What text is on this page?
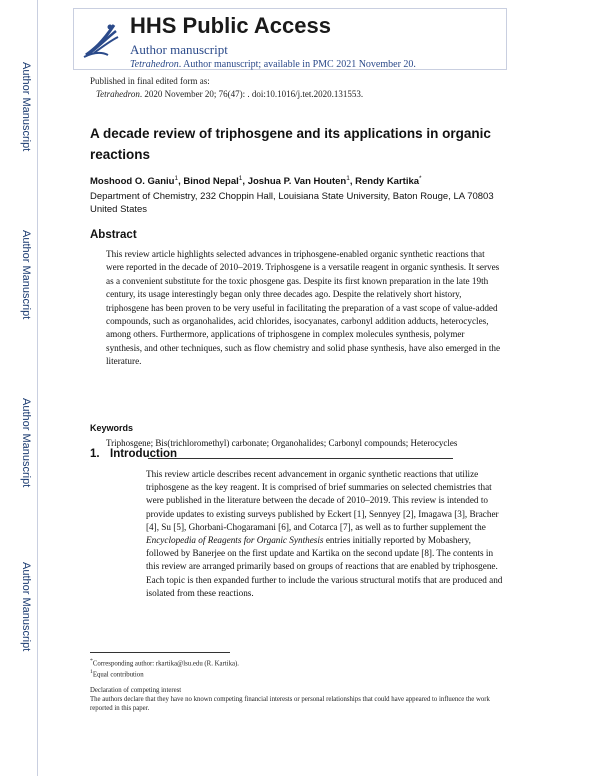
Author Manuscript
Author Manuscript
Author Manuscript
Author Manuscript
HHS Public Access
Author manuscript
Tetrahedron. Author manuscript; available in PMC 2021 November 20.
Published in final edited form as:
Tetrahedron. 2020 November 20; 76(47): . doi:10.1016/j.tet.2020.131553.
A decade review of triphosgene and its applications in organic reactions
Moshood O. Ganiu$^1$, Binod Nepal$^1$, Joshua P. Van Houten$^1$, Rendy Kartika*
Department of Chemistry, 232 Choppin Hall, Louisiana State University, Baton Rouge, LA 70803 United States
Abstract
This review article highlights selected advances in triphosgene-enabled organic synthetic reactions that were reported in the decade of 2010–2019. Triphosgene is a versatile reagent in organic synthesis. It serves as a convenient substitute for the toxic phosgene gas. Despite its first known preparation in the late 19th century, its usage interestingly began only three decades ago. Despite the relatively short history, triphosgene has been proven to be very useful in facilitating the preparation of a vast scope of value-added compounds, such as organohalides, acid chlorides, isocyanates, carbonyl addition adducts, heterocycles, among others. Furthermore, applications of triphosgene in complex molecules synthesis, polymer synthesis, and other techniques, such as flow chemistry and solid phase synthesis, have also emerged in the literature.
Keywords
Triphosgene; Bis(trichloromethyl) carbonate; Organohalides; Carbonyl compounds; Heterocycles
1. Introduction
This review article describes recent advancement in organic synthetic reactions that utilize triphosgene as the key reagent. It is comprised of brief summaries on selected chemistries that were published in the literature between the decade of 2010–2019. This review is intended to provide updates to existing surveys published by Eckert [1], Sennyey [2], Imagawa [3], Bracher [4], Su [5], Ghorbani-Chogaramani [6], and Cotarca [7], as well as to further supplement the Encyclopedia of Reagents for Organic Synthesis entries initially reported by Mobashery, followed by Banerjee on the first update and Kartika on the second update [8]. The contents in this review are arranged primarily based on groups of reactions that are enabled by triphosgene. Each topic is then expanded further to include the various structural motifs that are produced and isolated from these reactions.
*Corresponding author: rkartika@lsu.edu (R. Kartika).
$^1$Equal contribution
Declaration of competing interest
The authors declare that they have no known competing financial interests or personal relationships that could have appeared to influence the work reported in this paper.
